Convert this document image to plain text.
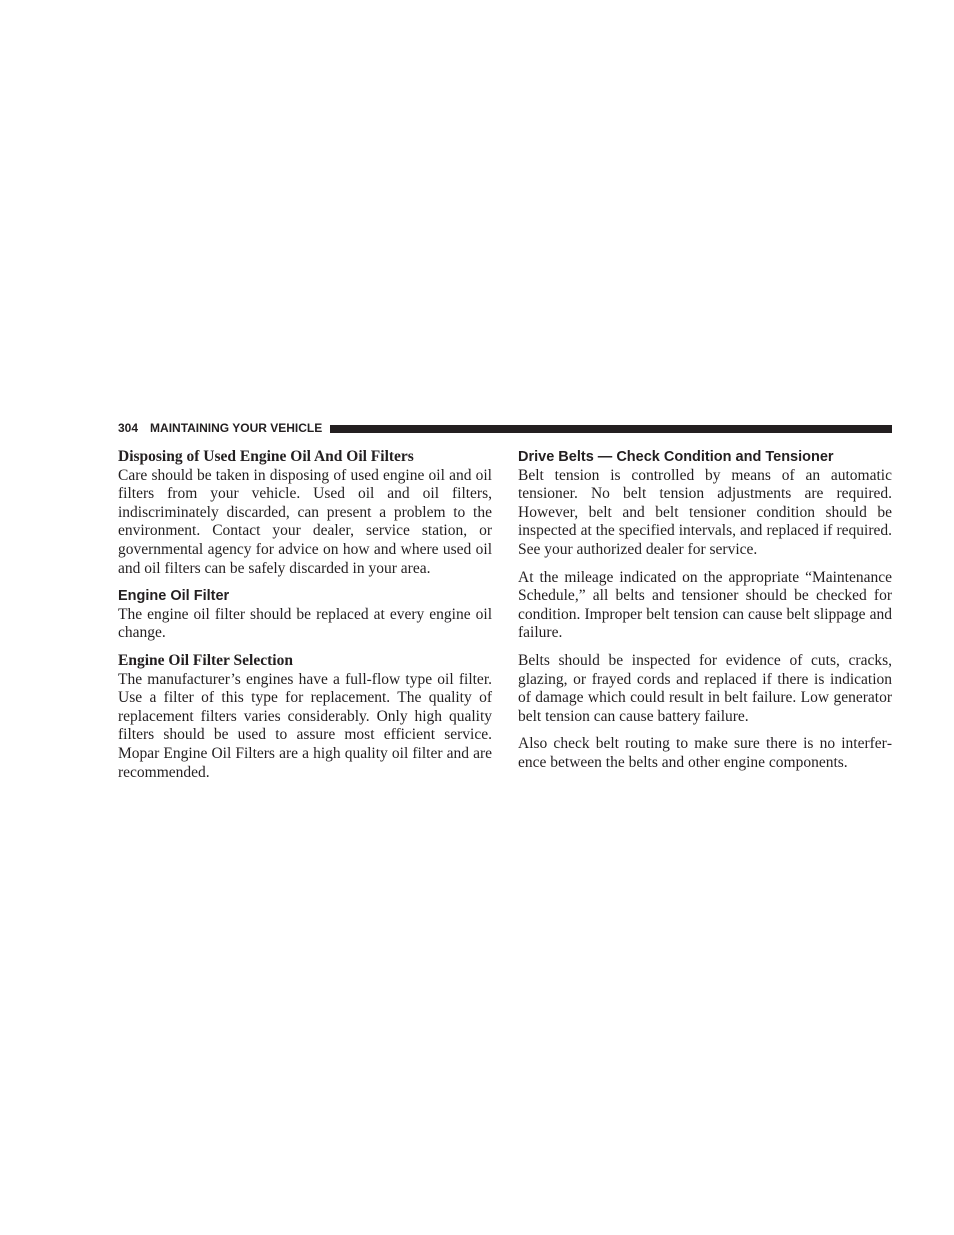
304 MAINTAINING YOUR VEHICLE
Disposing of Used Engine Oil And Oil Filters

Care should be taken in disposing of used engine oil and oil filters from your vehicle. Used oil and oil filters, indiscriminately discarded, can present a problem to the environment. Contact your dealer, service station, or governmental agency for advice on how and where used oil and oil filters can be safely discarded in your area.

Engine Oil Filter

The engine oil filter should be replaced at every engine oil change.

Engine Oil Filter Selection

The manufacturer’s engines have a full-flow type oil filter. Use a filter of this type for replacement. The quality of replacement filters varies considerably. Only high quality filters should be used to assure most efficient service. Mopar Engine Oil Filters are a high quality oil filter and are recommended.

Drive Belts — Check Condition and Tensioner

Belt tension is controlled by means of an automatic tensioner. No belt tension adjustments are required. However, belt and belt tensioner condition should be inspected at the specified intervals, and replaced if required. See your authorized dealer for service.

At the mileage indicated on the appropriate “Maintenance Schedule,” all belts and tensioner should be checked for condition. Improper belt tension can cause belt slippage and failure.

Belts should be inspected for evidence of cuts, cracks, glazing, or frayed cords and replaced if there is indication of damage which could result in belt failure. Low generator belt tension can cause battery failure.

Also check belt routing to make sure there is no interference between the belts and other engine components.
